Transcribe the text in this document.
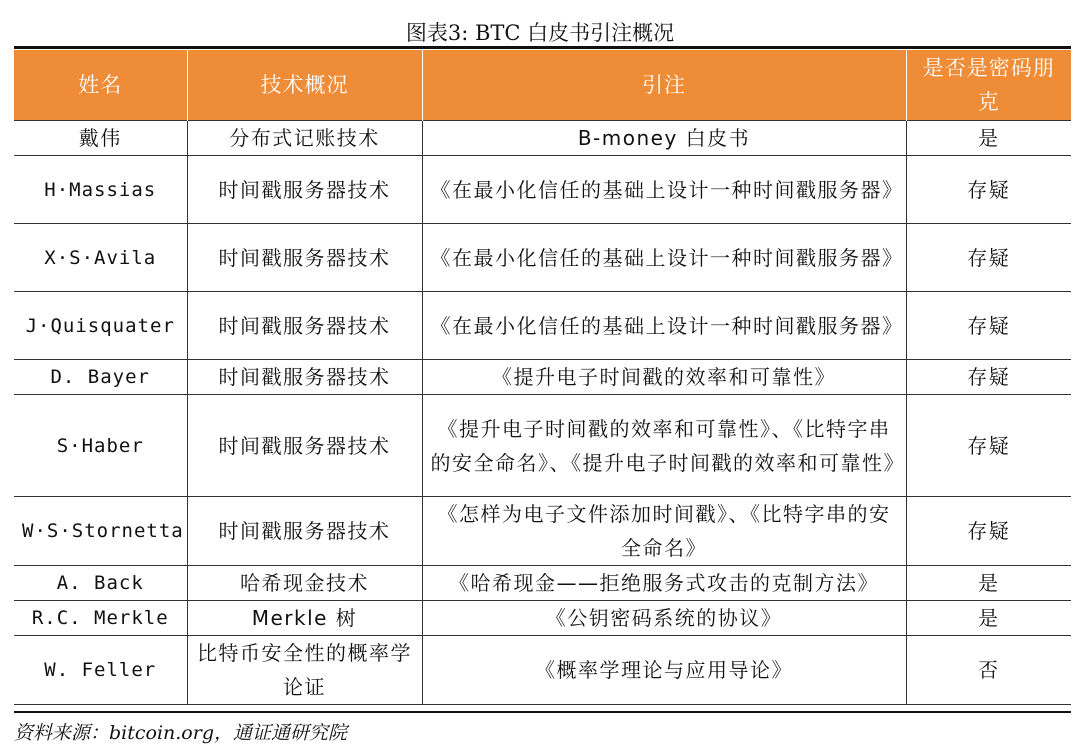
图表3: BTC 白皮书引注概况
姓名	技术概况	引注	是否是密码朋克
戴伟	分布式记账技术	B-money 白皮书	是
H·Massias	时间戳服务器技术	《在最小化信任的基础上设计一种时间戳服务器》	存疑
X·S·Avila	时间戳服务器技术	《在最小化信任的基础上设计一种时间戳服务器》	存疑
J·Quisquater	时间戳服务器技术	《在最小化信任的基础上设计一种时间戳服务器》	存疑
D. Bayer	时间戳服务器技术	《提升电子时间戳的效率和可靠性》	存疑
S·Haber	时间戳服务器技术	《提升电子时间戳的效率和可靠性》、《比特字串的安全命名》、《提升电子时间戳的效率和可靠性》	存疑
W·S·Stornetta	时间戳服务器技术	《怎样为电子文件添加时间戳》、《比特字串的安全命名》	存疑
A. Back	哈希现金技术	《哈希现金——拒绝服务式攻击的克制方法》	是
R.C. Merkle	Merkle 树	《公钥密码系统的协议》	是
W. Feller	比特币安全性的概率学论证	《概率学理论与应用导论》	否
资料来源：bitcoin.org，通证通研究院
